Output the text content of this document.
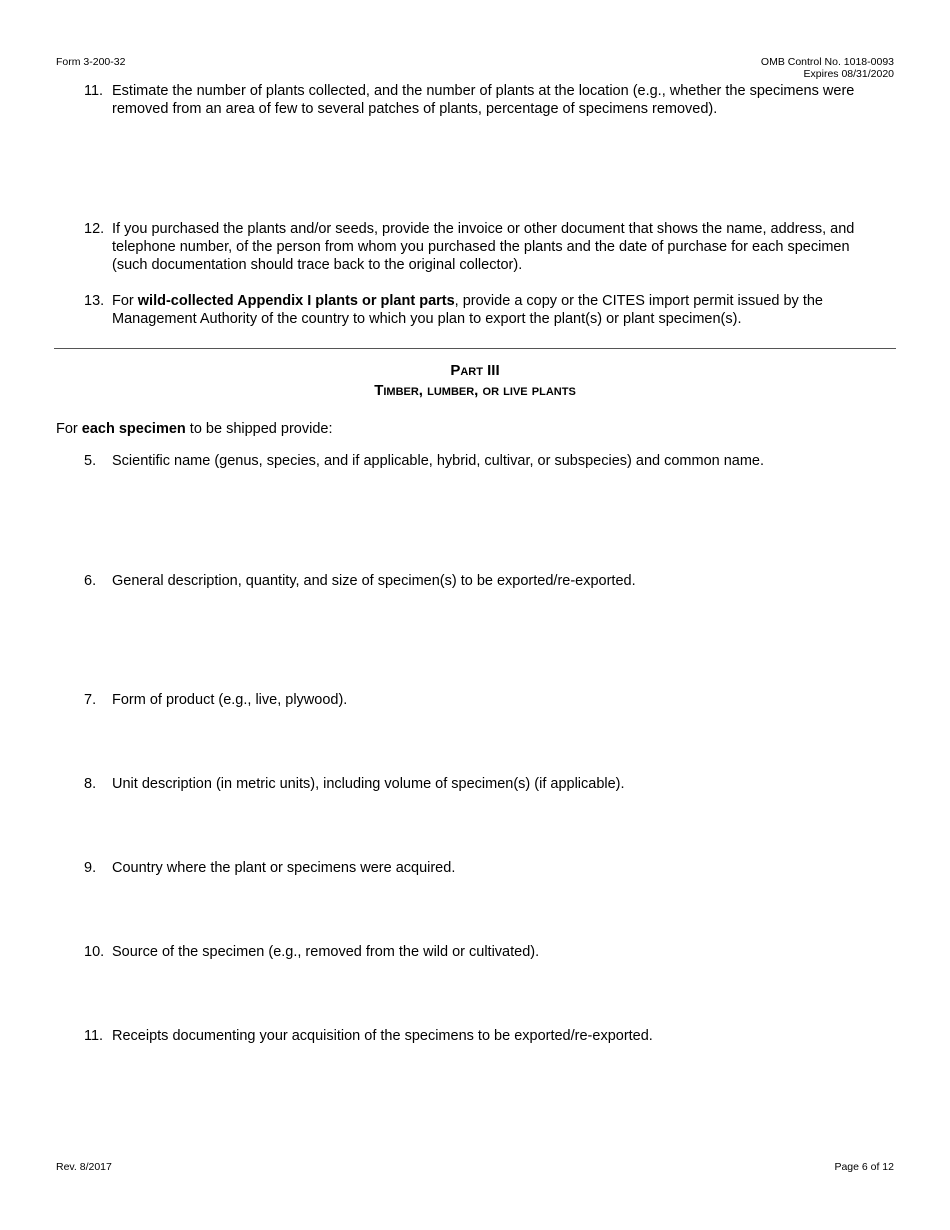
Form 3-200-32	OMB Control No. 1018-0093
Expires 08/31/2020
11. Estimate the number of plants collected, and the number of plants at the location (e.g., whether the specimens were removed from an area of few to several patches of plants, percentage of specimens removed).
12. If you purchased the plants and/or seeds, provide the invoice or other document that shows the name, address, and telephone number, of the person from whom you purchased the plants and the date of purchase for each specimen (such documentation should trace back to the original collector).
13. For wild-collected Appendix I plants or plant parts, provide a copy or the CITES import permit issued by the Management Authority of the country to which you plan to export the plant(s) or plant specimen(s).
Part III
Timber, lumber, or live plants
For each specimen to be shipped provide:
5.	Scientific name (genus, species, and if applicable, hybrid, cultivar, or subspecies) and common name.
6.	General description, quantity, and size of specimen(s) to be exported/re-exported.
7.	Form of product (e.g., live, plywood).
8.	Unit description (in metric units), including volume of specimen(s) (if applicable).
9.	Country where the plant or specimens were acquired.
10. Source of the specimen (e.g., removed from the wild or cultivated).
11. Receipts documenting your acquisition of the specimens to be exported/re-exported.
Rev. 8/2017	Page 6 of 12
